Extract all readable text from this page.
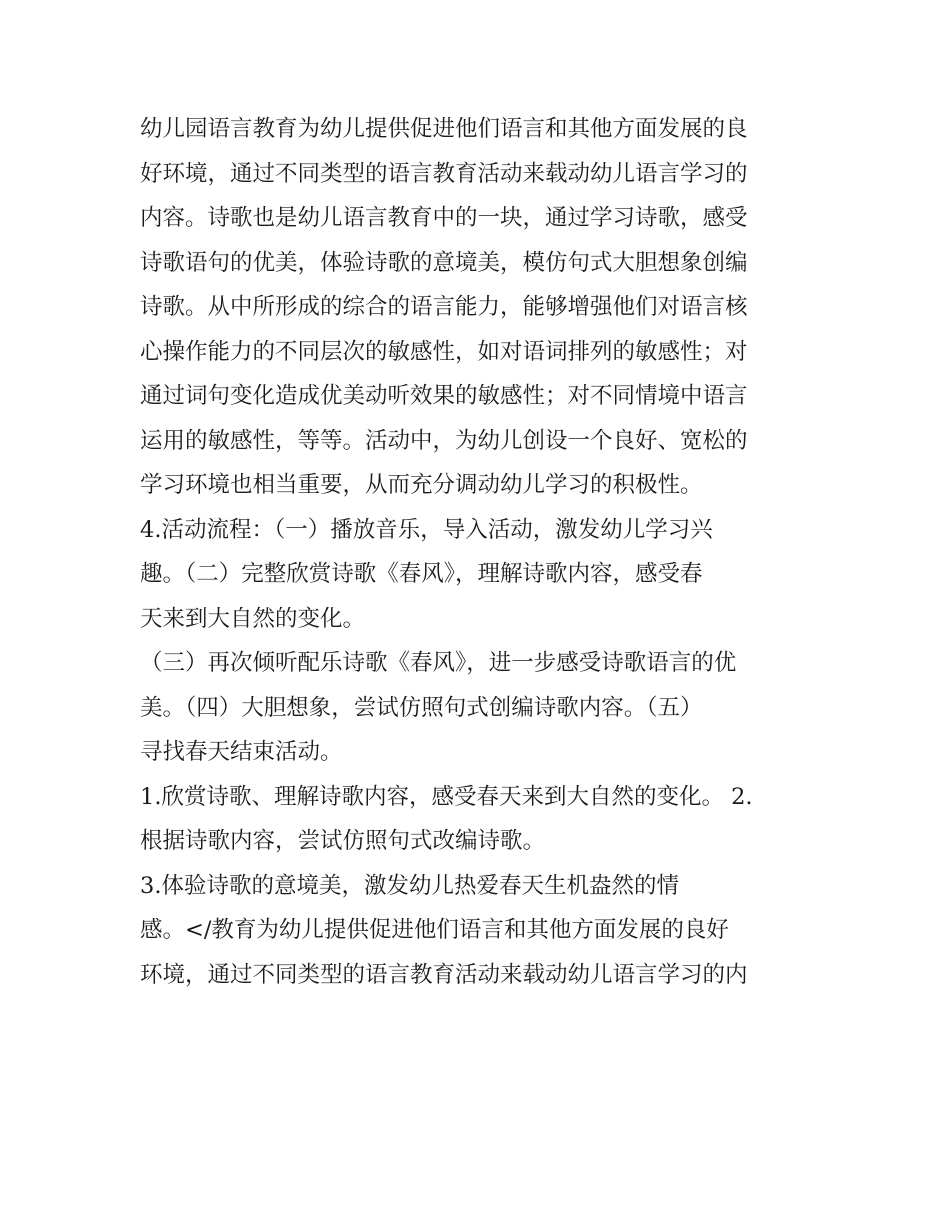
幼儿园语言教育为幼儿提供促进他们语言和其他方面发展的良
好环境，通过不同类型的语言教育活动来载动幼儿语言学习的
内容。诗歌也是幼儿语言教育中的一块，通过学习诗歌，感受
诗歌语句的优美，体验诗歌的意境美，模仿句式大胆想象创编
诗歌。从中所形成的综合的语言能力，能够增强他们对语言核
心操作能力的不同层次的敏感性，如对语词排列的敏感性；对
通过词句变化造成优美动听效果的敏感性；对不同情境中语言
运用的敏感性，等等。活动中，为幼儿创设一个良好、宽松的
学习环境也相当重要，从而充分调动幼儿学习的积极性。
4.活动流程：（一）播放音乐，导入活动，激发幼儿学习兴
趣。（二）完整欣赏诗歌《春风》，理解诗歌内容，感受春
天来到大自然的变化。
（三）再次倾听配乐诗歌《春风》，进一步感受诗歌语言的优
美。（四）大胆想象，尝试仿照句式创编诗歌内容。（五）
寻找春天结束活动。
1.欣赏诗歌、理解诗歌内容，感受春天来到大自然的变化。 2.
根据诗歌内容，尝试仿照句式改编诗歌。
3.体验诗歌的意境美，激发幼儿热爱春天生机盎然的情
感。</教育为幼儿提供促进他们语言和其他方面发展的良好
环境，通过不同类型的语言教育活动来载动幼儿语言学习的内
